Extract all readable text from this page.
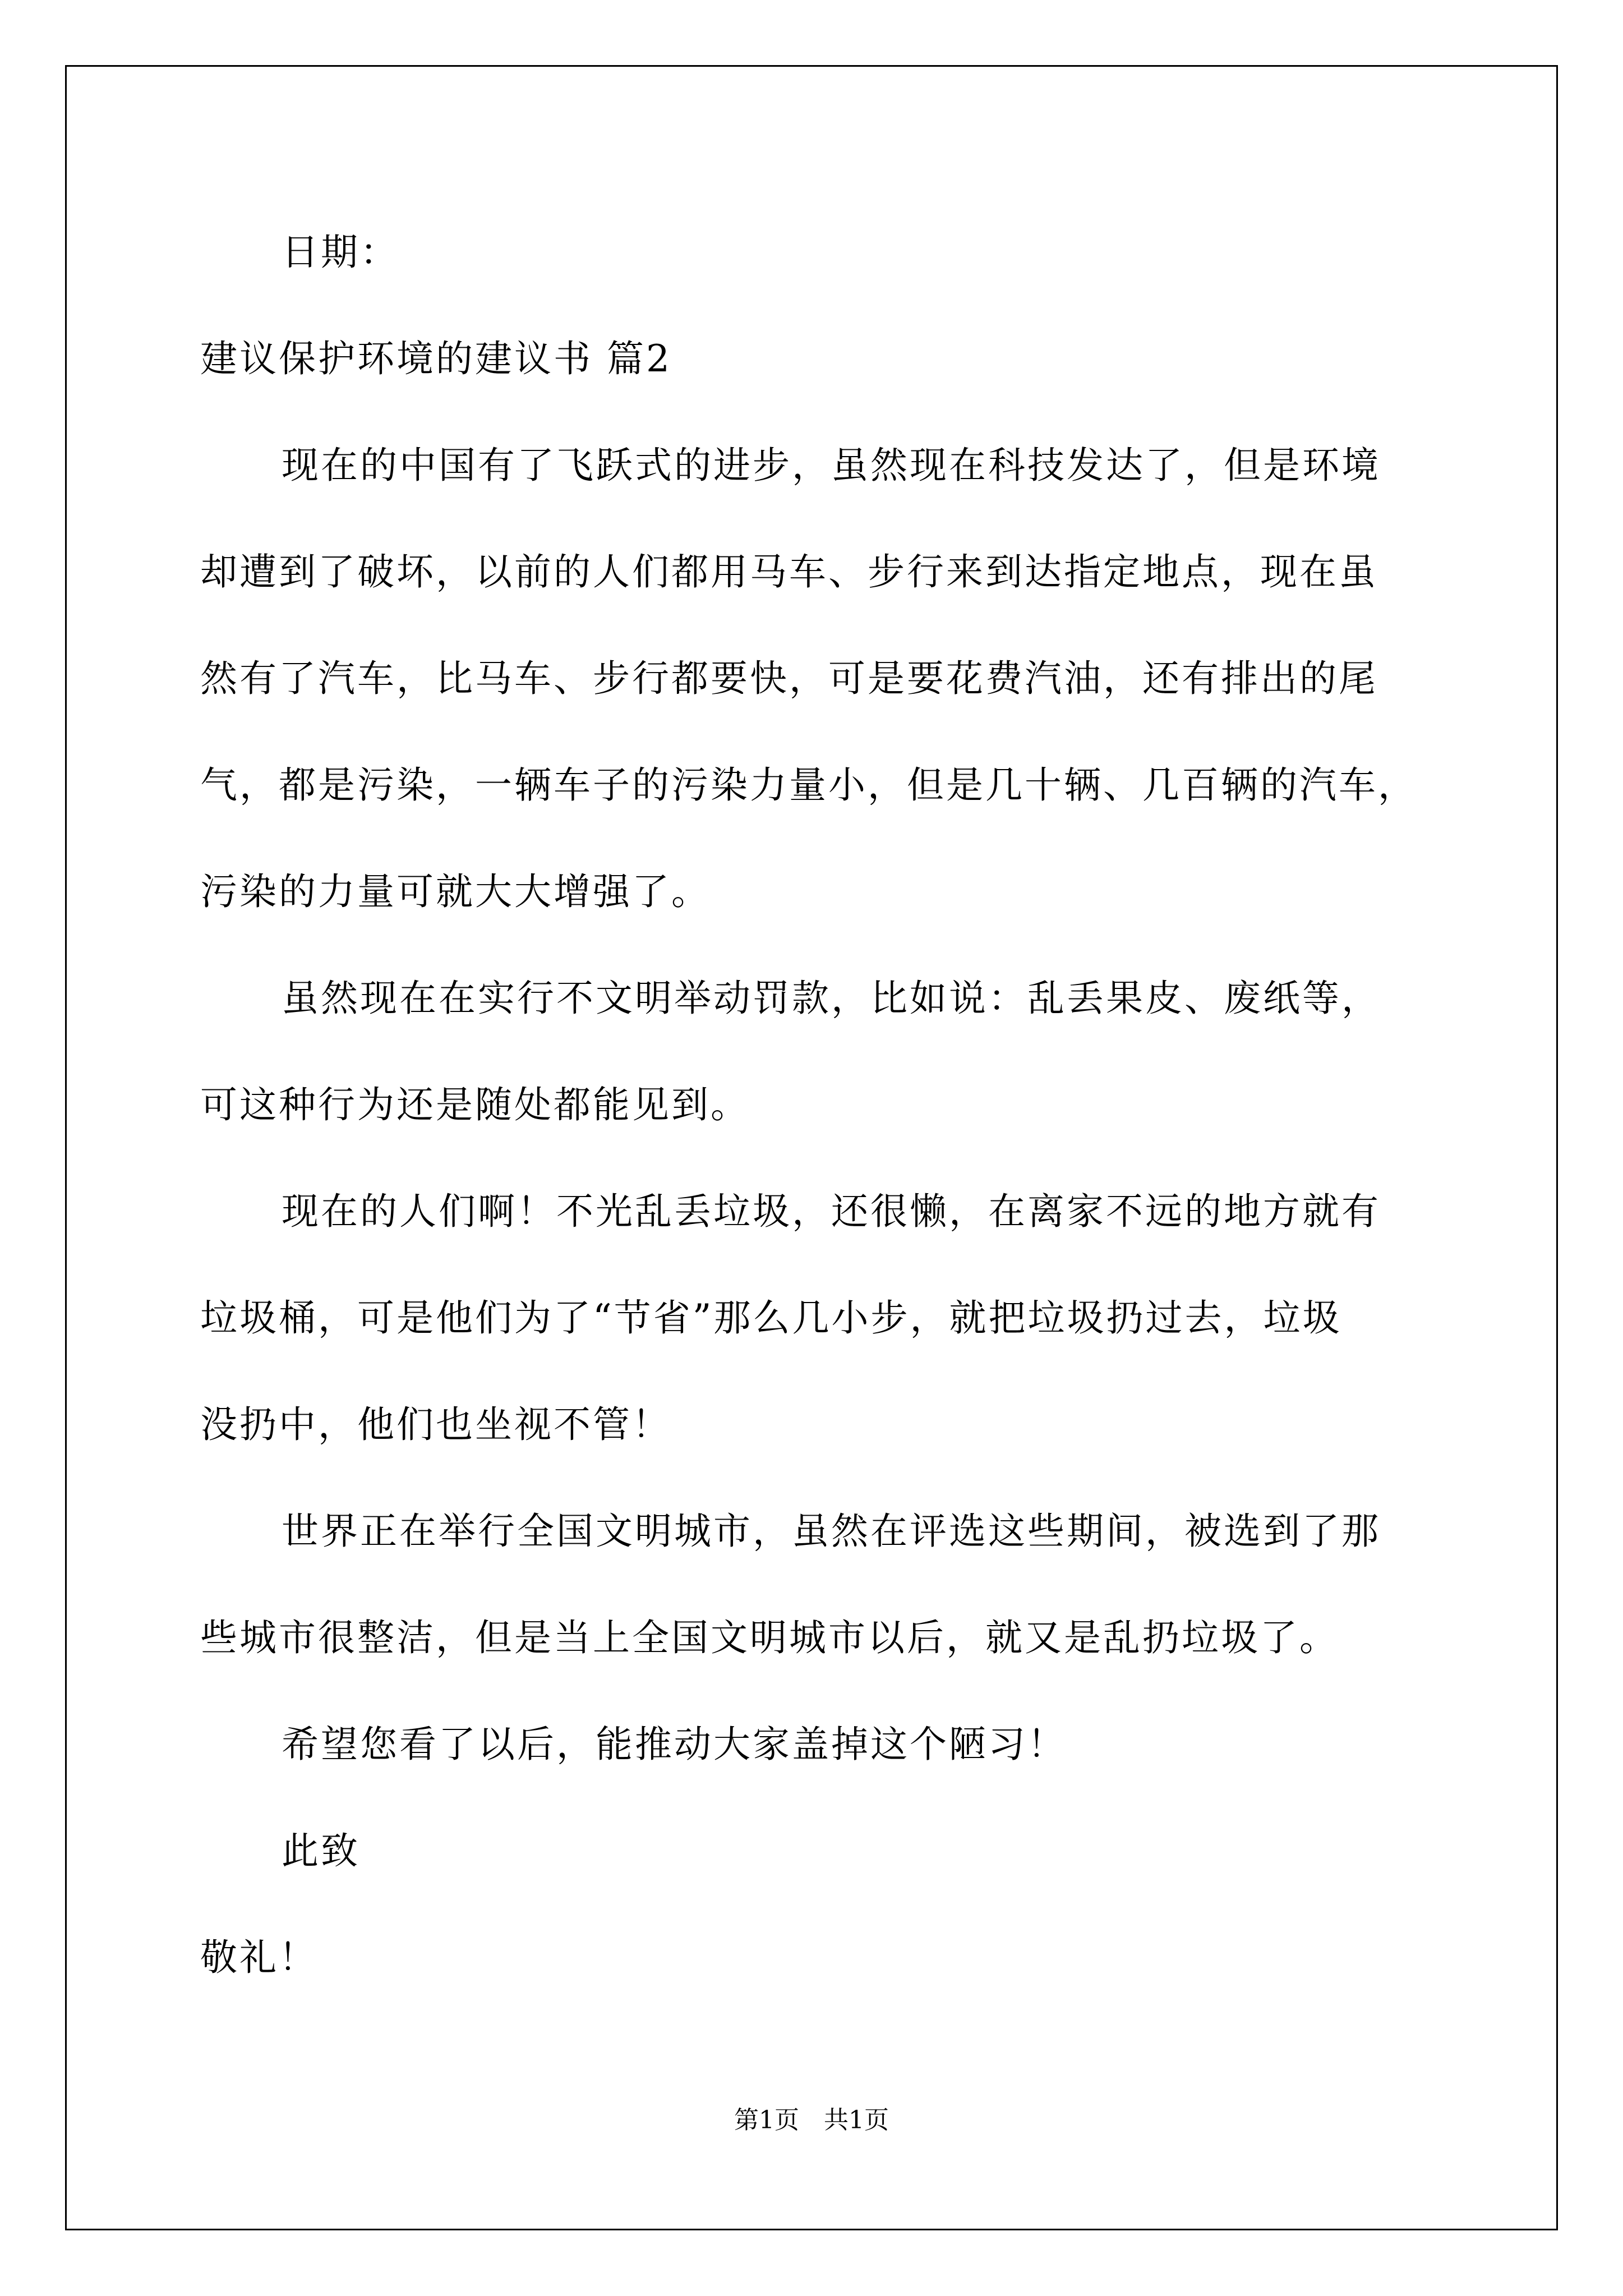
日期：
建议保护环境的建议书 篇2
现在的中国有了飞跃式的进步，虽然现在科技发达了，但是环境
却遭到了破坏，以前的人们都用马车、步行来到达指定地点，现在虽
然有了汽车，比马车、步行都要快，可是要花费汽油，还有排出的尾
气，都是污染，一辆车子的污染力量小，但是几十辆、几百辆的汽车，
污染的力量可就大大增强了。
虽然现在在实行不文明举动罚款，比如说：乱丢果皮、废纸等，
可这种行为还是随处都能见到。
现在的人们啊！不光乱丢垃圾，还很懒，在离家不远的地方就有
垃圾桶，可是他们为了“节省”那么几小步，就把垃圾扔过去，垃圾
没扔中，他们也坐视不管！
世界正在举行全国文明城市，虽然在评选这些期间，被选到了那
些城市很整洁，但是当上全国文明城市以后，就又是乱扔垃圾了。
希望您看了以后，能推动大家盖掉这个陋习！
此致
敬礼！
第1页　共1页
